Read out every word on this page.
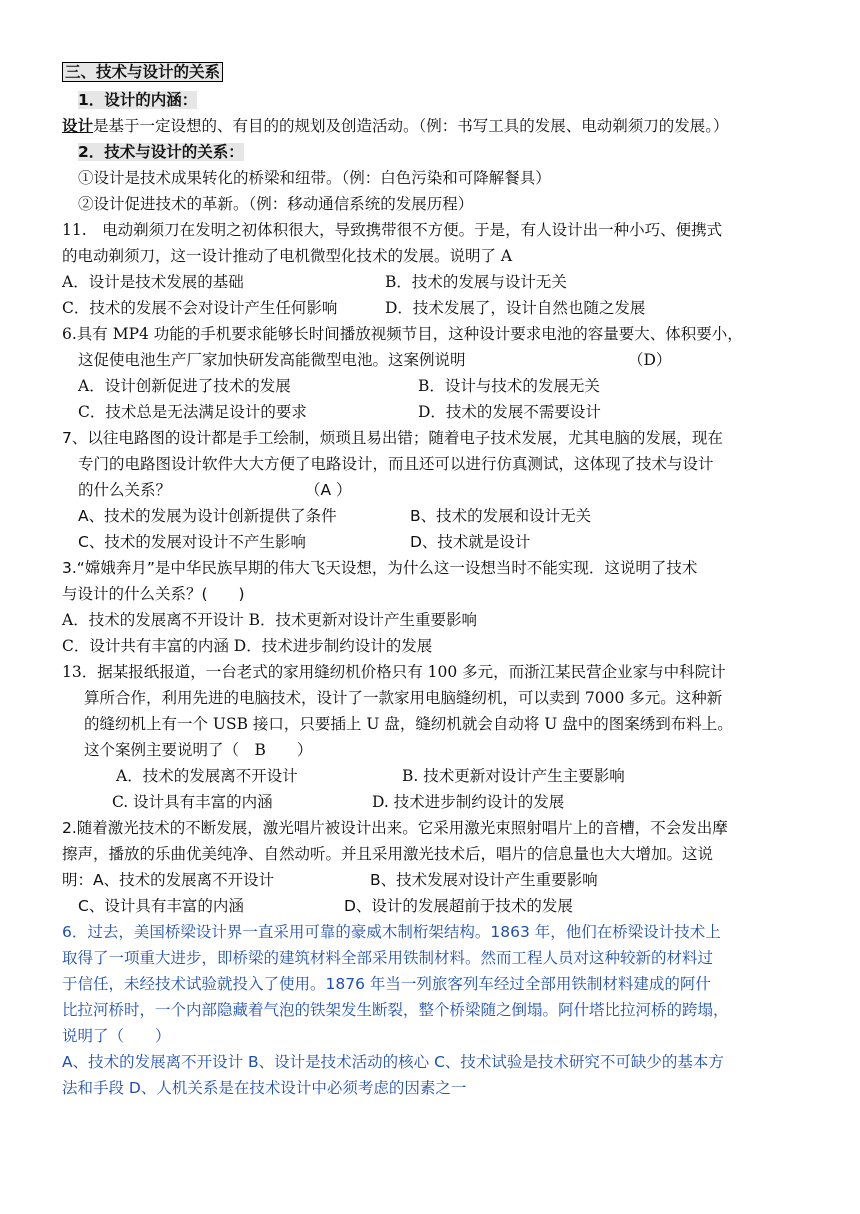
三、技术与设计的关系
1．设计的内涵：
设计是基于一定设想的、有目的的规划及创造活动。（例：书写工具的发展、电动剃须刀的发展。）
2．技术与设计的关系：
①设计是技术成果转化的桥梁和纽带。（例：白色污染和可降解餐具）
②设计促进技术的革新。（例：移动通信系统的发展历程）
11.　电动剃须刀在发明之初体积很大，导致携带很不方便。于是，有人设计出一种小巧、便携式
的电动剃须刀，这一设计推动了电机微型化技术的发展。说明了 A
A．设计是技术发展的基础	B．技术的发展与设计无关
C．技术的发展不会对设计产生任何影响	D．技术发展了，设计自然也随之发展
6.具有 MP4 功能的手机要求能够长时间播放视频节目，这种设计要求电池的容量要大、体积要小，
这促使电池生产厂家加快研发高能微型电池。这案例说明	（D）
A．设计创新促进了技术的发展	B．设计与技术的发展无关
C．技术总是无法满足设计的要求	D．技术的发展不需要设计
7、以往电路图的设计都是手工绘制，烦琐且易出错；随着电子技术发展，尤其电脑的发展，现在
专门的电路图设计软件大大方便了电路设计，而且还可以进行仿真测试，这体现了技术与设计
的什么关系？	（A ）
A、技术的发展为设计创新提供了条件	B、技术的发展和设计无关
C、技术的发展对设计不产生影响	D、技术就是设计
3.“嫦娥奔月”是中华民族早期的伟大飞天设想，为什么这一设想当时不能实现．这说明了技术
与设计的什么关系？(　　)
A．技术的发展离不开设计 B．技术更新对设计产生重要影响
C．设计共有丰富的内涵 D．技术进步制约设计的发展
13．据某报纸报道，一台老式的家用缝纫机价格只有 100 多元，而浙江某民营企业家与中科院计
算所合作，利用先进的电脑技术，设计了一款家用电脑缝纫机，可以卖到 7000 多元。这种新
的缝纫机上有一个 USB 接口，只要插上 U 盘，缝纫机就会自动将 U 盘中的图案绣到布料上。
这个案例主要说明了（　B　　）
A．技术的发展离不开设计	B. 技术更新对设计产生主要影响
C. 设计具有丰富的内涵	D. 技术进步制约设计的发展
2.随着激光技术的不断发展，激光唱片被设计出来。它采用激光束照射唱片上的音槽，不会发出摩
擦声，播放的乐曲优美纯净、自然动听。并且采用激光技术后，唱片的信息量也大大增加。这说
明：A、技术的发展离不开设计	B、技术发展对设计产生重要影响
C、设计具有丰富的内涵	D、设计的发展超前于技术的发展
6．过去，美国桥梁设计界一直采用可靠的豪威木制桁架结构。1863 年，他们在桥梁设计技术上
取得了一项重大进步，即桥梁的建筑材料全部采用铁制材料。然而工程人员对这种较新的材料过
于信任，未经技术试验就投入了使用。1876 年当一列旅客列车经过全部用铁制材料建成的阿什
比拉河桥时，一个内部隐藏着气泡的铁架发生断裂，整个桥梁随之倒塌。阿什塔比拉河桥的跨塌，
说明了（　　）
A、技术的发展离不开设计 B、设计是技术活动的核心 C、技术试验是技术研究不可缺少的基本方
法和手段 D、人机关系是在技术设计中必须考虑的因素之一
